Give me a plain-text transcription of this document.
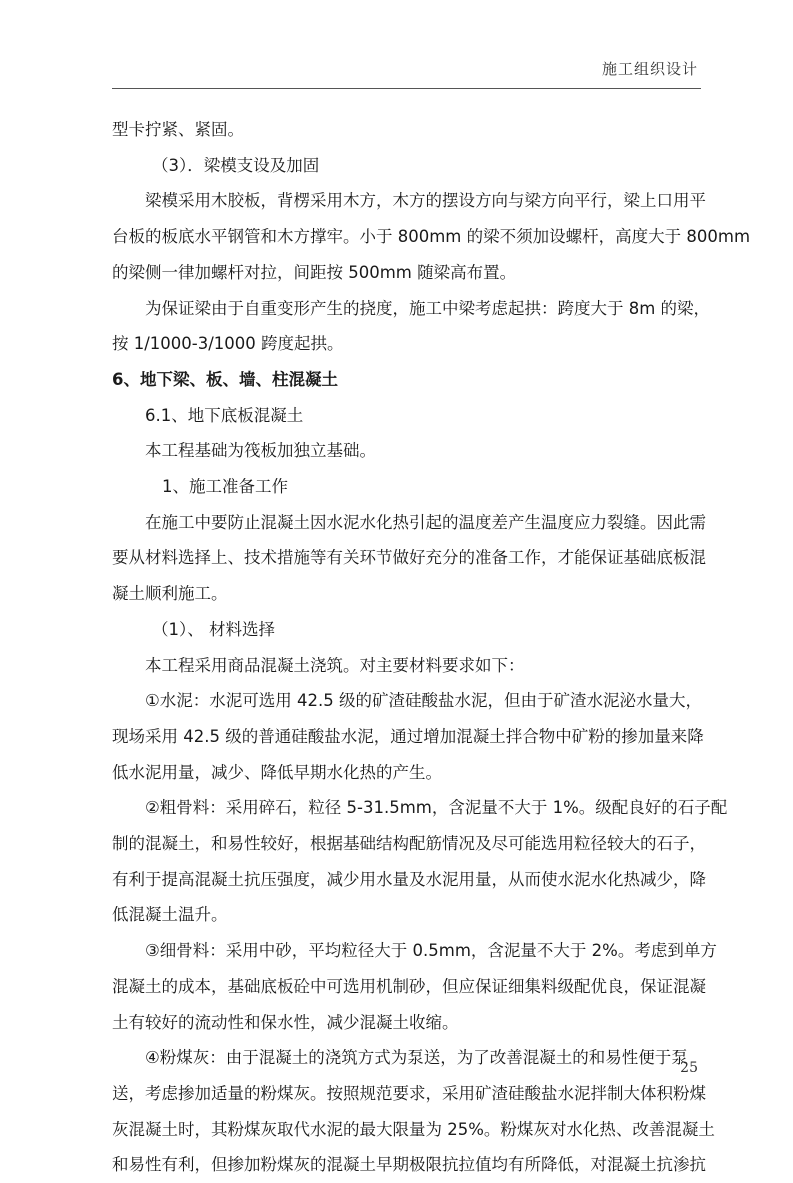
施工组织设计

型卡拧紧、紧固。

（3）．梁模支设及加固

梁模采用木胶板，背楞采用木方，木方的摆设方向与梁方向平行，梁上口用平

台板的板底水平钢管和木方撑牢。小于 800mm 的梁不须加设螺杆，高度大于 800mm

的梁侧一律加螺杆对拉，间距按 500mm 随梁高布置。

为保证梁由于自重变形产生的挠度，施工中梁考虑起拱：跨度大于 8m 的梁，

按 1/1000-3/1000 跨度起拱。

6、地下梁、板、墙、柱混凝土

6.1、地下底板混凝土

本工程基础为筏板加独立基础。

1、施工准备工作

在施工中要防止混凝土因水泥水化热引起的温度差产生温度应力裂缝。因此需

要从材料选择上、技术措施等有关环节做好充分的准备工作，才能保证基础底板混

凝土顺利施工。

（1）、 材料选择

本工程采用商品混凝土浇筑。对主要材料要求如下：

①水泥：水泥可选用 42.5 级的矿渣硅酸盐水泥，但由于矿渣水泥泌水量大，

现场采用 42.5 级的普通硅酸盐水泥，通过增加混凝土拌合物中矿粉的掺加量来降

低水泥用量，减少、降低早期水化热的产生。

②粗骨料：采用碎石，粒径 5-31.5mm，含泥量不大于 1%。级配良好的石子配

制的混凝土，和易性较好，根据基础结构配筋情况及尽可能选用粒径较大的石子，

有利于提高混凝土抗压强度，减少用水量及水泥用量，从而使水泥水化热减少，降

低混凝土温升。

③细骨料：采用中砂，平均粒径大于 0.5mm，含泥量不大于 2%。考虑到单方

混凝土的成本，基础底板砼中可选用机制砂，但应保证细集料级配优良，保证混凝

土有较好的流动性和保水性，减少混凝土收缩。

④粉煤灰：由于混凝土的浇筑方式为泵送，为了改善混凝土的和易性便于泵

送，考虑掺加适量的粉煤灰。按照规范要求，采用矿渣硅酸盐水泥拌制大体积粉煤

灰混凝土时，其粉煤灰取代水泥的最大限量为 25%。粉煤灰对水化热、改善混凝土

和易性有利，但掺加粉煤灰的混凝土早期极限抗拉值均有所降低，对混凝土抗渗抗

25
